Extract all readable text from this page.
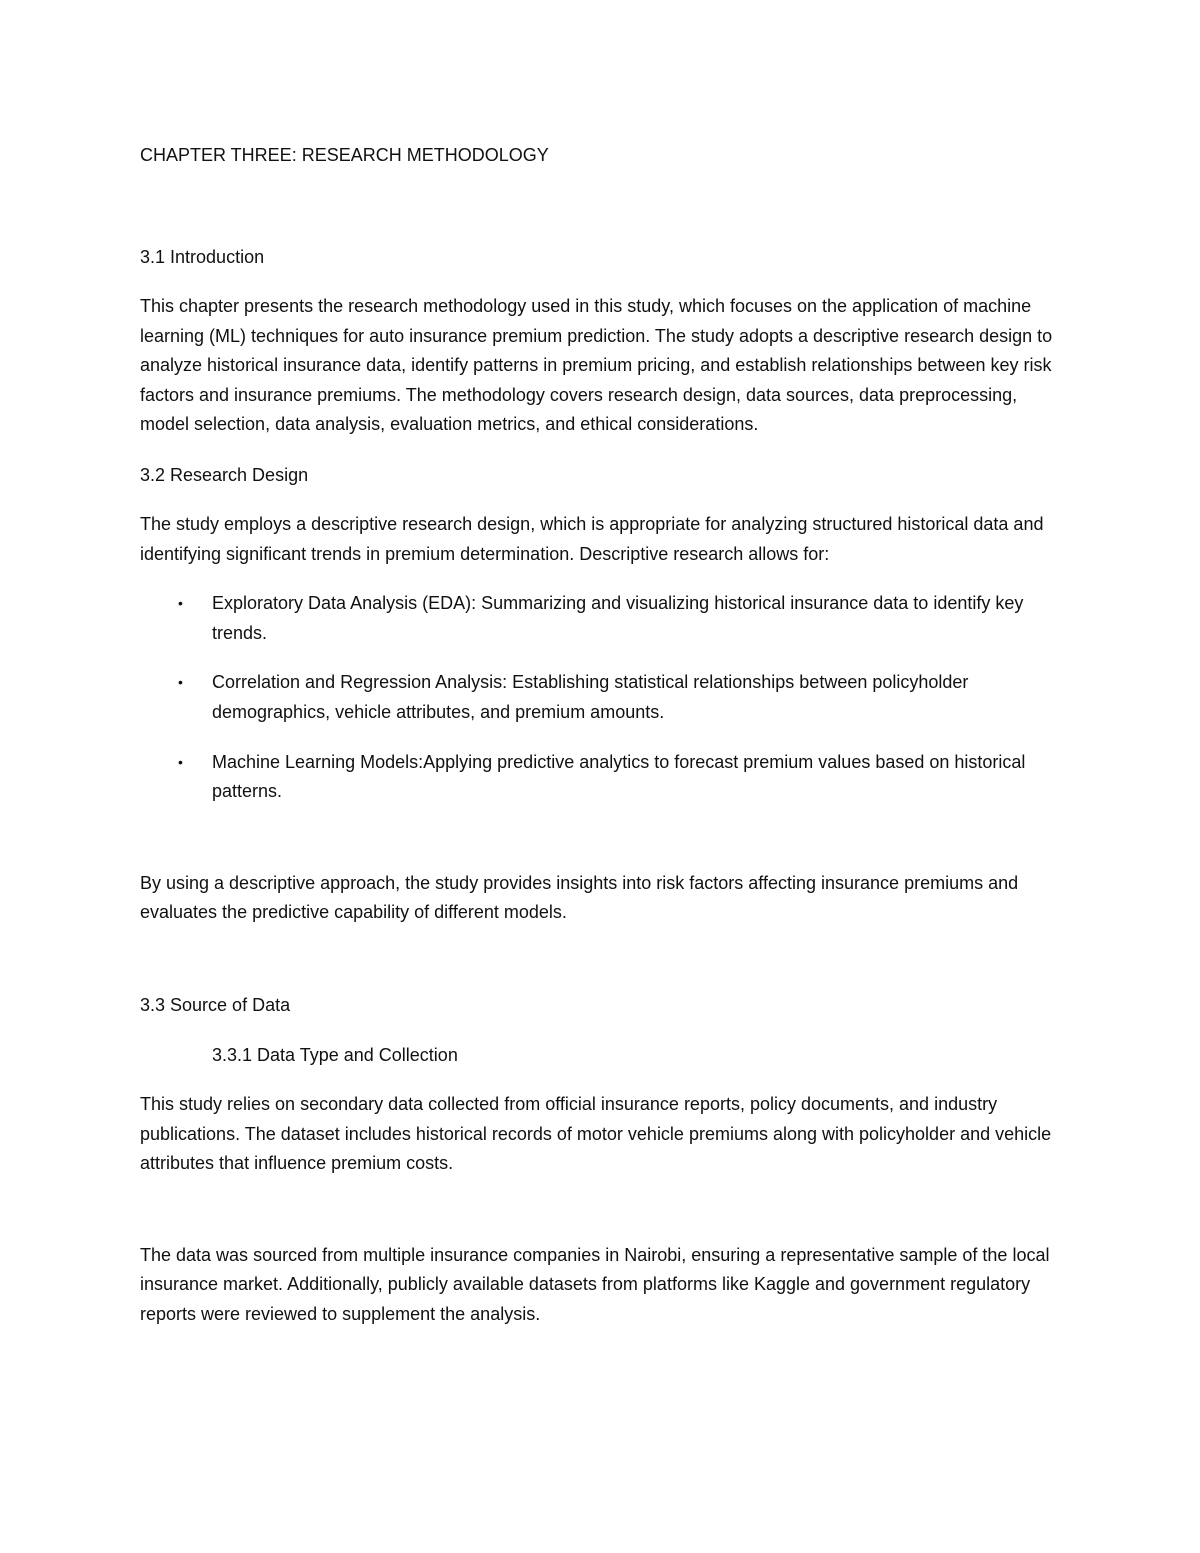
CHAPTER THREE: RESEARCH METHODOLOGY
3.1 Introduction

This chapter presents the research methodology used in this study, which focuses on the application of machine learning (ML) techniques for auto insurance premium prediction. The study adopts a descriptive research design to analyze historical insurance data, identify patterns in premium pricing, and establish relationships between key risk factors and insurance premiums. The methodology covers research design, data sources, data preprocessing, model selection, data analysis, evaluation metrics, and ethical considerations.

3.2 Research Design

The study employs a descriptive research design, which is appropriate for analyzing structured historical data and identifying significant trends in premium determination. Descriptive research allows for:

• Exploratory Data Analysis (EDA): Summarizing and visualizing historical insurance data to identify key trends.
• Correlation and Regression Analysis: Establishing statistical relationships between policyholder demographics, vehicle attributes, and premium amounts.
• Machine Learning Models:Applying predictive analytics to forecast premium values based on historical patterns.

By using a descriptive approach, the study provides insights into risk factors affecting insurance premiums and evaluates the predictive capability of different models.

3.3 Source of Data
3.3.1 Data Type and Collection

This study relies on secondary data collected from official insurance reports, policy documents, and industry publications. The dataset includes historical records of motor vehicle premiums along with policyholder and vehicle attributes that influence premium costs.

The data was sourced from multiple insurance companies in Nairobi, ensuring a representative sample of the local insurance market. Additionally, publicly available datasets from platforms like Kaggle and government regulatory reports were reviewed to supplement the analysis.
